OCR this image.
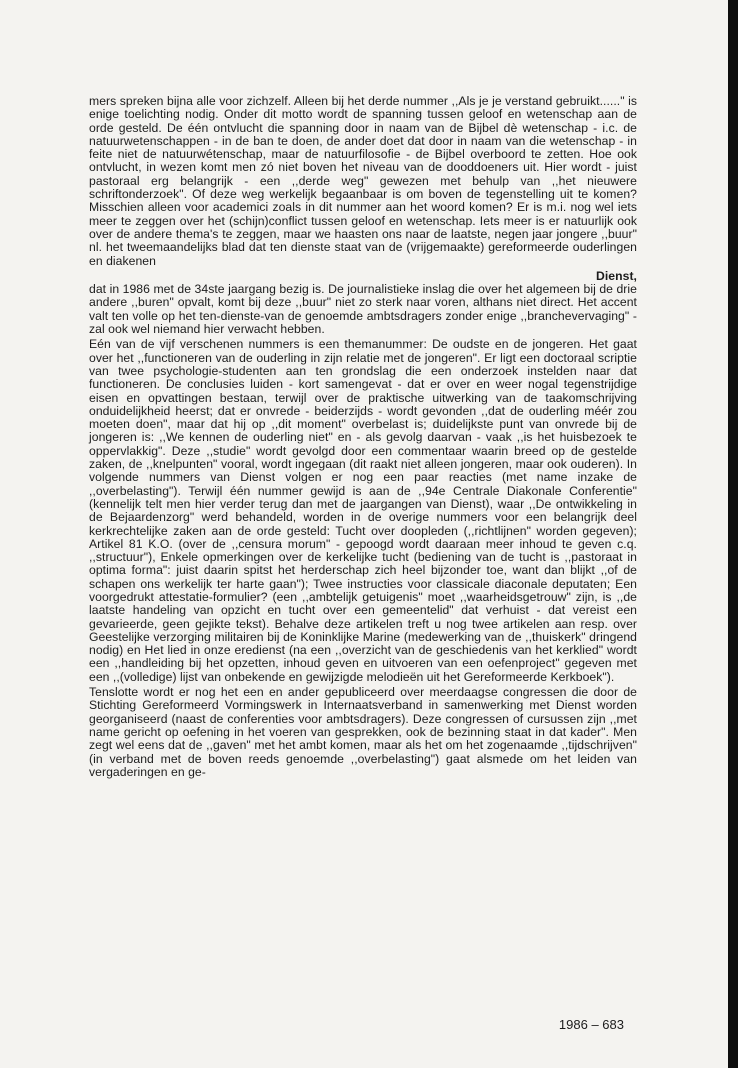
mers spreken bijna alle voor zichzelf. Alleen bij het derde nummer ,,Als je je verstand gebruikt......" is enige toelichting nodig. Onder dit motto wordt de spanning tussen geloof en wetenschap aan de orde gesteld. De één ontvlucht die spanning door in naam van de Bijbel dè wetenschap - i.c. de natuurwetenschappen - in de ban te doen, de ander doet dat door in naam van die wetenschap - in feite niet de natuurwétenschap, maar de natuurfilosofie - de Bijbel overboord te zetten. Hoe ook ontvlucht, in wezen komt men zó niet boven het niveau van de dooddoeners uit. Hier wordt - juist pastoraal erg belangrijk - een ,,derde weg" gewezen met behulp van ,,het nieuwere schriftonderzoek". Of deze weg werkelijk begaanbaar is om boven de tegenstelling uit te komen? Misschien alleen voor academici zoals in dit nummer aan het woord komen? Er is m.i. nog wel iets meer te zeggen over het (schijn)conflict tussen geloof en wetenschap. Iets meer is er natuurlijk ook over de andere thema's te zeggen, maar we haasten ons naar de laatste, negen jaar jongere ,,buur" nl. het tweemaandelijks blad dat ten dienste staat van de (vrijgemaakte) gereformeerde ouderlingen en diakenen

Dienst,

dat in 1986 met de 34ste jaargang bezig is. De journalistieke inslag die over het algemeen bij de drie andere ,,buren" opvalt, komt bij deze ,,buur" niet zo sterk naar voren, althans niet direct. Het accent valt ten volle op het ten-dienste-van de genoemde ambtsdragers zonder enige ,,branchevervaging" - zal ook wel niemand hier verwacht hebben.

Eén van de vijf verschenen nummers is een themanummer: De oudste en de jongeren. Het gaat over het ,,functioneren van de ouderling in zijn relatie met de jongeren". Er ligt een doctoraal scriptie van twee psychologie-studenten aan ten grondslag die een onderzoek instelden naar dat functioneren. De conclusies luiden - kort samengevat - dat er over en weer nogal tegenstrijdige eisen en opvattingen bestaan, terwijl over de praktische uitwerking van de taakomschrijving onduidelijkheid heerst; dat er onvrede - beiderzijds - wordt gevonden ,,dat de ouderling méér zou moeten doen", maar dat hij op ,,dit moment" overbelast is; duidelijkste punt van onvrede bij de jongeren is: ,,We kennen de ouderling niet" en - als gevolg daarvan - vaak ,,is het huisbezoek te oppervlakkig". Deze ,,studie" wordt gevolgd door een commentaar waarin breed op de gestelde zaken, de ,,knelpunten" vooral, wordt ingegaan (dit raakt niet alleen jongeren, maar ook ouderen). In volgende nummers van Dienst volgen er nog een paar reacties (met name inzake de ,,overbelasting"). Terwijl één nummer gewijd is aan de ,,94e Centrale Diakonale Conferentie" (kennelijk telt men hier verder terug dan met de jaargangen van Dienst), waar ,,De ontwikkeling in de Bejaardenzorg" werd behandeld, worden in de overige nummers voor een belangrijk deel kerkrechtelijke zaken aan de orde gesteld: Tucht over doopleden (,,richtlijnen" worden gegeven); Artikel 81 K.O. (over de ,,censura morum" - gepoogd wordt daaraan meer inhoud te geven c.q. ,,structuur"), Enkele opmerkingen over de kerkelijke tucht (bediening van de tucht is ,,pastoraat in optima forma": juist daarin spitst het herderschap zich heel bijzonder toe, want dan blijkt ,,of de schapen ons werkelijk ter harte gaan"); Twee instructies voor classicale diaconale deputaten; Een voorgedrukt attestatie-formulier? (een ,,ambtelijk getuigenis" moet ,,waarheidsgetrouw" zijn, is ,,de laatste handeling van opzicht en tucht over een gemeentelid" dat verhuist - dat vereist een gevarieerde, geen gejikte tekst). Behalve deze artikelen treft u nog twee artikelen aan resp. over Geestelijke verzorging militairen bij de Koninklijke Marine (medewerking van de ,,thuiskerk" dringend nodig) en Het lied in onze eredienst (na een ,,overzicht van de geschiedenis van het kerklied" wordt een ,,handleiding bij het opzetten, inhoud geven en uitvoeren van een oefenproject" gegeven met een ,,(volledige) lijst van onbekende en gewijzigde melodieën uit het Gereformeerde Kerkboek").

Tenslotte wordt er nog het een en ander gepubliceerd over meerdaagse congressen die door de Stichting Gereformeerd Vormingswerk in Internaatsverband in samenwerking met Dienst worden georganiseerd (naast de conferenties voor ambtsdragers). Deze congressen of cursussen zijn ,,met name gericht op oefening in het voeren van gesprekken, ook de bezinning staat in dat kader". Men zegt wel eens dat de ,,gaven" met het ambt komen, maar als het om het zogenaamde ,,tijdschrijven" (in verband met de boven reeds genoemde ,,overbelasting") gaat alsmede om het leiden van vergaderingen en ge-

1986 – 683
